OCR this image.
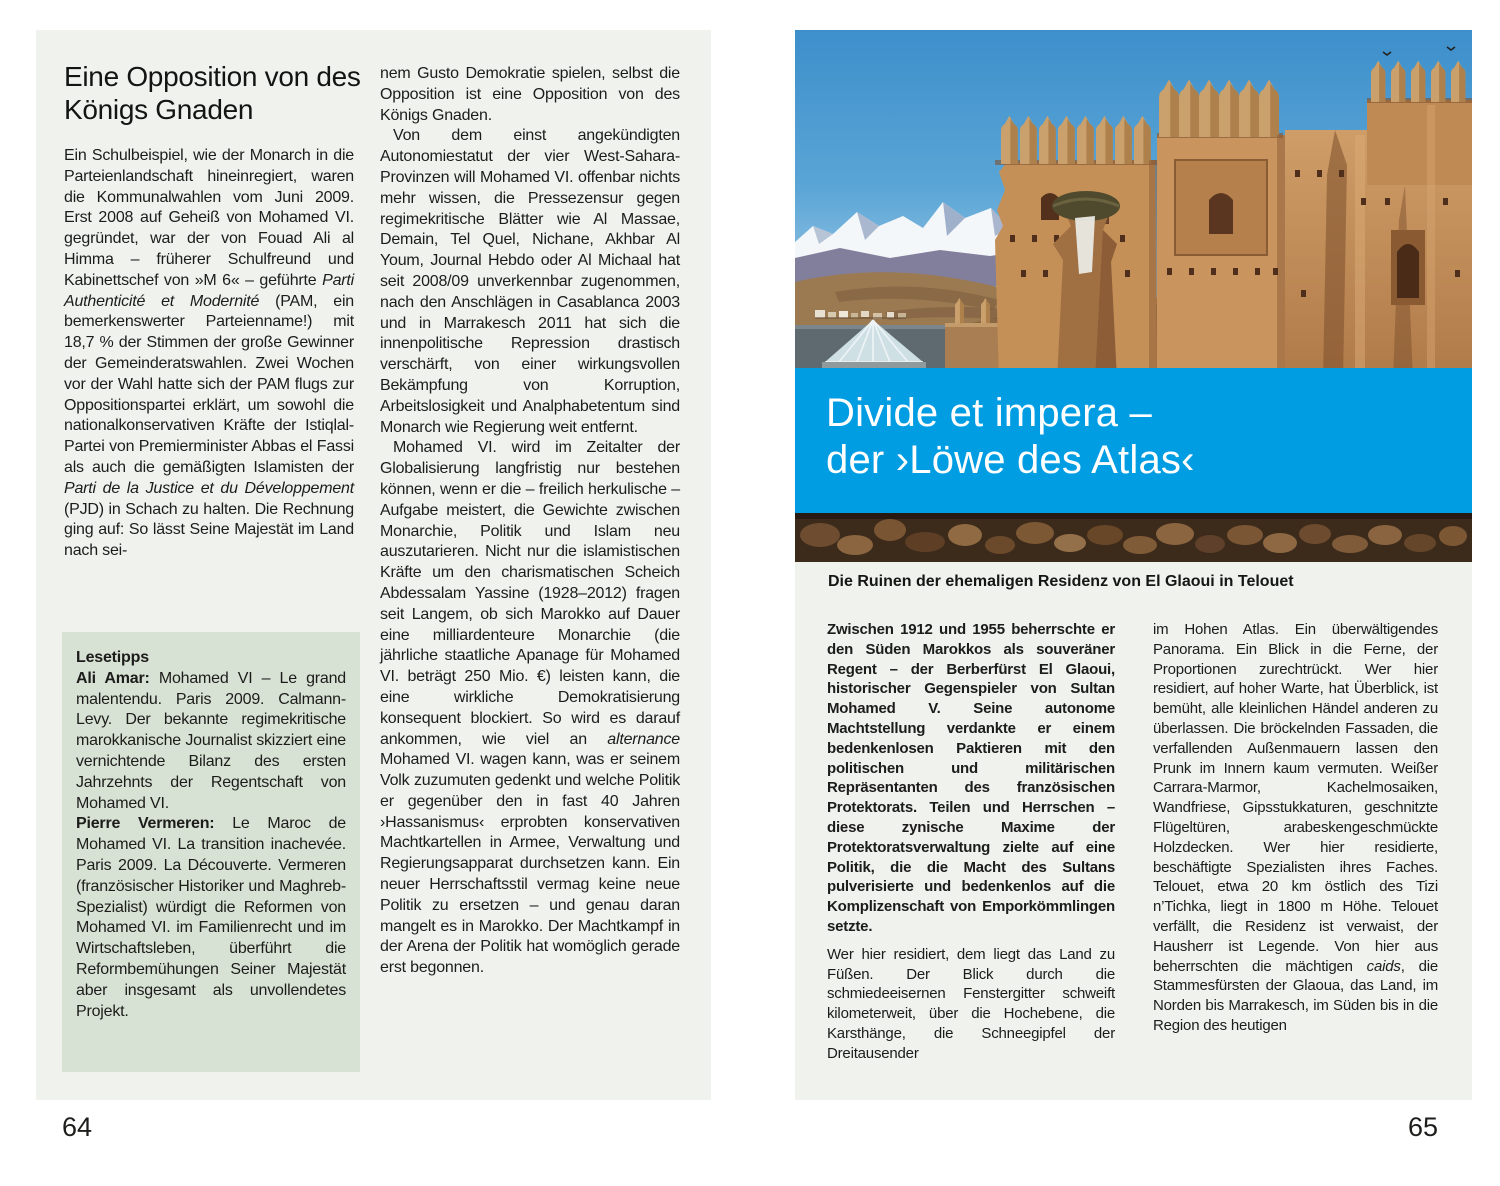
Eine Opposition von des Königs Gnaden

Ein Schulbeispiel, wie der Monarch in die Parteienlandschaft hineinregiert, waren die Kommunalwahlen vom Juni 2009. Erst 2008 auf Geheiß von Mohamed VI. gegründet, war der von Fouad Ali al Himma – früherer Schulfreund und Kabinettschef von »M 6« – geführte Parti Authenticité et Modernité (PAM, ein bemerkenswerter Parteienname!) mit 18,7 % der Stimmen der große Gewinner der Gemeinderatswahlen. Zwei Wochen vor der Wahl hatte sich der PAM flugs zur Oppositionspartei erklärt, um sowohl die nationalkonservativen Kräfte der Istiqlal-Partei von Premierminister Abbas el Fassi als auch die gemäßigten Islamisten der Parti de la Justice et du Développement (PJD) in Schach zu halten. Die Rechnung ging auf: So lässt Seine Majestät im Land nach sei-

Lesetipps

Ali Amar: Mohamed VI – Le grand malentendu. Paris 2009. Calmann-Levy. Der bekannte regimekritische marokkanische Journalist skizziert eine vernichtende Bilanz des ersten Jahrzehnts der Regentschaft von Mohamed VI.

Pierre Vermeren: Le Maroc de Mohamed VI. La transition inachevée. Paris 2009. La Découverte. Vermeren (französischer Historiker und Maghreb-Spezialist) würdigt die Reformen von Mohamed VI. im Familienrecht und im Wirtschaftsleben, überführt die Reformbemühungen Seiner Majestät aber insgesamt als unvollendetes Projekt.

nem Gusto Demokratie spielen, selbst die Opposition ist eine Opposition von des Königs Gnaden.

Von dem einst angekündigten Autonomiestatut der vier West-Sahara-Provinzen will Mohamed VI. offenbar nichts mehr wissen, die Pressezensur gegen regimekritische Blätter wie Al Massae, Demain, Tel Quel, Nichane, Akhbar Al Youm, Journal Hebdo oder Al Michaal hat seit 2008/09 unverkennbar zugenommen, nach den Anschlägen in Casablanca 2003 und in Marrakesch 2011 hat sich die innenpolitische Repression drastisch verschärft, von einer wirkungsvollen Bekämpfung von Korruption, Arbeitslosigkeit und Analphabetentum sind Monarch wie Regierung weit entfernt.

Mohamed VI. wird im Zeitalter der Globalisierung langfristig nur bestehen können, wenn er die – freilich herkulische – Aufgabe meistert, die Gewichte zwischen Monarchie, Politik und Islam neu auszutarieren. Nicht nur die islamistischen Kräfte um den charismatischen Scheich Abdessalam Yassine (1928–2012) fragen seit Langem, ob sich Marokko auf Dauer eine milliardenteure Monarchie (die jährliche staatliche Apanage für Mohamed VI. beträgt 250 Mio. €) leisten kann, die eine wirkliche Demokratisierung konsequent blockiert. So wird es darauf ankommen, wie viel an alternance Mohamed VI. wagen kann, was er seinem Volk zuzumuten gedenkt und welche Politik er gegenüber den in fast 40 Jahren ›Hassanismus‹ erprobten konservativen Machtkartellen in Armee, Verwaltung und Regierungsapparat durchsetzen kann. Ein neuer Herrschaftsstil vermag keine neue Politik zu ersetzen – und genau daran mangelt es in Marokko. Der Machtkampf in der Arena der Politik hat womöglich gerade erst begonnen.

Divide et impera –
der ›Löwe des Atlas‹

Die Ruinen der ehemaligen Residenz von El Glaoui in Telouet

Zwischen 1912 und 1955 beherrschte er den Süden Marokkos als souveräner Regent – der Berberfürst El Glaoui, historischer Gegenspieler von Sultan Mohamed V. Seine autonome Machtstellung verdankte er einem bedenkenlosen Paktieren mit den politischen und militärischen Repräsentanten des französischen Protektorats. Teilen und Herrschen – diese zynische Maxime der Protektoratsverwaltung zielte auf eine Politik, die die Macht des Sultans pulverisierte und bedenkenlos auf die Komplizenschaft von Emporkömmlingen setzte.

Wer hier residiert, dem liegt das Land zu Füßen. Der Blick durch die schmiedeeisernen Fenstergitter schweift kilometerweit, über die Hochebene, die Karsthänge, die Schneegipfel der Dreitausender

im Hohen Atlas. Ein überwältigendes Panorama. Ein Blick in die Ferne, der Proportionen zurechtrückt. Wer hier residiert, auf hoher Warte, hat Überblick, ist bemüht, alle kleinlichen Händel anderen zu überlassen. Die bröckelnden Fassaden, die verfallenden Außenmauern lassen den Prunk im Innern kaum vermuten. Weißer Carrara-Marmor, Kachelmosaiken, Wandfriese, Gipsstukkaturen, geschnitzte Flügeltüren, arabeskengeschmückte Holzdecken. Wer hier residierte, beschäftigte Spezialisten ihres Faches. Telouet, etwa 20 km östlich des Tizi n’Tichka, liegt in 1800 m Höhe. Telouet verfällt, die Residenz ist verwaist, der Hausherr ist Legende. Von hier aus beherrschten die mächtigen caids, die Stammesfürsten der Glaoua, das Land, im Norden bis Marrakesch, im Süden bis in die Region des heutigen

64	65
